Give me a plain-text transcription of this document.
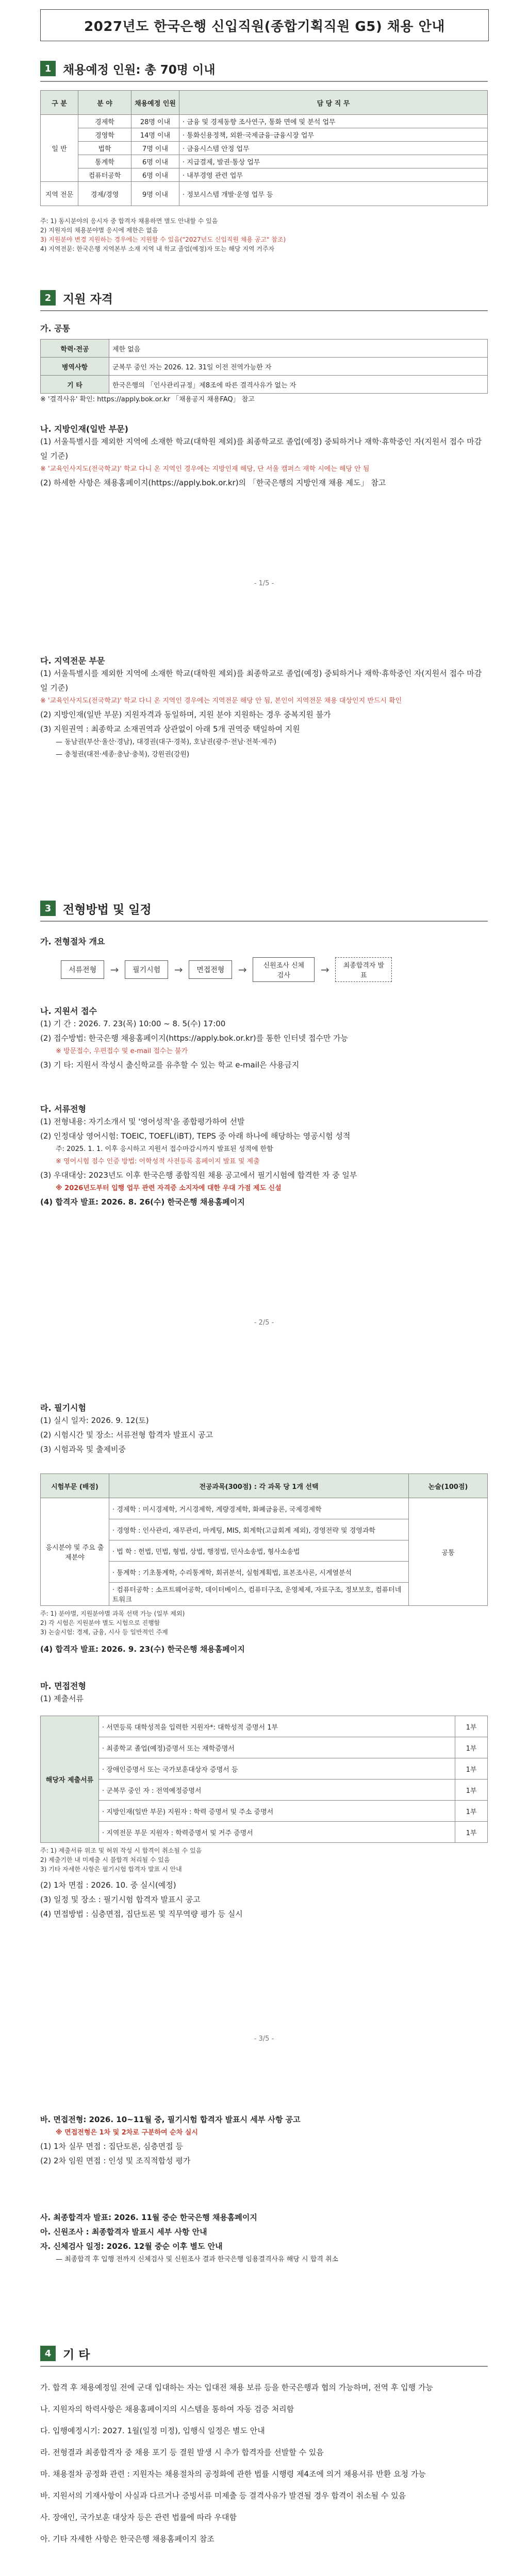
2027년도 한국은행 신입직원(종합기획직원 G5) 채용 안내
1 채용예정 인원: 총 70명 이내
구 분	분 야	채용예정 인원	담 당 직 무
일 반	경제학	28명 이내	· 금융 및 경제동향 조사연구, 통화 면에 및 분석 업무
	경영학	14명 이내	· 통화신용정책, 외환·국제금융·금융시장 업무
	법학	7명 이내	· 금융시스템 안정 업무
	통계학	6명 이내	· 지급결제, 발권·통상 업무
	컴퓨터공학	6명 이내	· 내부경영 관련 업무
지역 전문	경제/경영	9명 이내	· 정보시스템 개발·운영 업무 등
주: 1) 동시분야의 응시자 중 합격자 채용하면 별도 안내할 수 있음
2) 지원자의 채용분야별 응시에 제한은 없음
3) 지원분야 변경 지원하는 경우에는 지원할 수 있음("2027년도 신입직원 채용 공고" 참조)
4) 지역전문: 한국은행 지역본부 소재 지역 내 학교 졸업(예정)자 또는 해당 지역 거주자
2 지원 자격

가. 공통

학력·전공	제한 없음
병역사항	군복무 중인 자는 2026. 12. 31일 이전 전역가능한 자
기 타	한국은행의 「인사관리규정」제8조에 따른 결격사유가 없는 자

※ '결격사유' 확인: https://apply.bok.or.kr 「채용공지 채용FAQ」 참고

나. 지방인재(일반 부문)

(1) 서울특별시를 제외한 지역에 소재한 학교(대학원 제외)를 최종학교로 졸업(예정) 중퇴하거나 재학·휴학중인 자(지원서 접수 마감일 기준)

※ '교육인사지도(전국학교)' 학교 다니 온 지역인 경우에는 지방인재 해당, 단 서울 캠퍼스 재학 시에는 해당 안 됨

(2) 하세한 사항은 채용홈페이지(https://apply.bok.or.kr)의 「한국은행의 지방인재 채용 제도」 참고

- 1/5 -

다. 지역전문 부문

(1) 서울특별시를 제외한 지역에 소재한 학교(대학원 제외)를 최종학교로 졸업(예정) 중퇴하거나 재학·휴학중인 자(지원서 접수 마감일 기준)

※ '교육인사지도(전국학교)' 학교 다니 온 지역인 경우에는 지역전문 해당 안 됨, 본인이 지역전문 채용 대상인지 반드시 확인

(2) 지방인재(일반 부문) 지원자격과 동일하며, 지원 분야 지원하는 경우 중복지원 불가

(3) 지원권역 : 최종학교 소재권역과 상관없이 아래 5개 권역중 택일하여 지원

— 동남권(부산·울산·경남), 대경권(대구·경북), 호남권(광주·전남·전북·제주)

— 충청권(대전·세종·충남·충북), 강원권(강원)

3 전형방법 및 일정

가. 전형절차 개요

서류전형	→	필기시험	→	면접전형	→	신원조사 신체검사	→	최종합격자 발표

나. 지원서 접수

(1) 기 간 : 2026. 7. 23(목) 10:00 ~ 8. 5(수) 17:00

(2) 접수방법: 한국은행 채용홈페이지(https://apply.bok.or.kr)를 통한 인터넷 접수만 가능

※ 방문접수, 우편접수 및 e-mail 접수는 불가

(3) 기 타: 지원서 작성시 출신학교를 유추할 수 있는 학교 e-mail은 사용금지

다. 서류전형

(1) 전형내용: 자기소개서 및 '영어성적'을 종합평가하여 선발

(2) 인정대상 영어시험: TOEIC, TOEFL(iBT), TEPS 중 아래 하나에 해당하는 영공시험 성적

주: 2025. 1. 1. 이후 응시하고 지원서 접수마감시까지 발표된 성적에 한함

※ 영어시험 점수 인증 방법: 어학성적 사전등록 홈페이지 발표 및 제출

(3) 우대대상: 2023년도 이후 한국은행 종합직원 채용 공고에서 필기시험에 합격한 자 중 일부

※ 2026년도부터 입행 업무 관련 자격증 소지자에 대한 우대 가점 제도 신설

(4) 합격자 발표: 2026. 8. 26(수) 한국은행 채용홈페이지

- 2/5 -

라. 필기시험

(1) 실시 일자: 2026. 9. 12(토)

(2) 시험시간 및 장소: 서류전형 합격자 발표시 공고

(3) 시험과목 및 출제비중

시험부문 (배점)	전공과목(300점) : 각 과목 당 1개 선택	논술(100점)
응시분야 및 주요 출제분야	· 경제학 : 미시경제학, 거시경제학, 계량경제학, 화폐금융론, 국제경제학	공통
	· 경영학 : 인사관리, 재무관리, 마케팅, MIS, 회계학(고급회계 제외), 경영전략 및 경영과학	
	· 법 학 : 헌법, 민법, 형법, 상법, 행정법, 민사소송법, 형사소송법	
	· 통계학 : 기초통계학, 수리통계학, 회귀분석, 실험계획법, 표본조사론, 시계열분석	
	· 컴퓨터공학 : 소프트웨어공학, 데이터베이스, 컴퓨터구조, 운영체제, 자료구조, 정보보호, 컴퓨터네트워크	
주: 1) 분야별, 지원분야별 과목 선택 가능 (일부 제외)
2) 각 시험은 지원분야 별도 시험으로 진행함
3) 논술시험: 경제, 금융, 시사 등 일반적인 주제

(4) 합격자 발표: 2026. 9. 23(수) 한국은행 채용홈페이지

마. 면접전형

(1) 제출서류

해당자 제출서류	· 서면등록 대학성적을 입력한 지원자*: 대학성적 증명서 1부	1부
	· 최종학교 졸업(예정)증명서 또는 재학증명서	1부
	· 장애인증명서 또는 국가보훈대상자 증명서 등	1부
	· 군복무 중인 자 : 전역예정증명서	1부
	· 지방인재(일반 부문) 지원자 : 학력 증명서 및 주소 증명서	1부
	· 지역전문 부문 지원자 : 학력증명서 및 거주 증명서	1부
주: 1) 제출서류 위조 및 허위 작성 시 합격이 취소될 수 있음
2) 제출기한 내 미제출 시 불합격 처리될 수 있음
3) 기타 자세한 사항은 필기시험 합격자 발표 시 안내

(2) 1차 면접 : 2026. 10. 중 실시(예정)

(3) 일정 및 장소 : 필기시험 합격자 발표시 공고

(4) 면접방법 : 심층면접, 집단토론 및 직무역량 평가 등 실시

- 3/5 -

바. 면접전형: 2026. 10~11월 중, 필기시험 합격자 발표시 세부 사항 공고

※ 면접전형은 1차 및 2차로 구분하여 순차 실시

(1) 1차 실무 면접 : 집단토론, 심층면접 등

(2) 2차 임원 면접 : 인성 및 조직적합성 평가

사. 최종합격자 발표: 2026. 11월 중순 한국은행 채용홈페이지

아. 신원조사 : 최종합격자 발표시 세부 사항 안내

자. 신체검사 일정: 2026. 12월 중순 이후 별도 안내

— 최종합격 후 입행 전까지 신체검사 및 신원조사 결과 한국은행 임용결격사유 해당 시 합격 취소

4 기 타

가. 합격 후 채용예정일 전에 군대 입대하는 자는 입대전 채용 보류 등을 한국은행과 협의 가능하며, 전역 후 입행 가능

나. 지원자의 학력사항은 채용홈페이지의 시스템을 통하여 자동 검증 처리함

다. 입행예정시기: 2027. 1월(일정 미정), 입행식 일정은 별도 안내

라. 전형결과 최종합격자 중 채용 포기 등 결원 발생 시 추가 합격자를 선발할 수 있음

마. 채용절차 공정화 관련 : 지원자는 채용절차의 공정화에 관한 법률 시행령 제4조에 의거 채용서류 반환 요청 가능

바. 지원서의 기재사항이 사실과 다르거나 증빙서류 미제출 등 결격사유가 발견될 경우 합격이 취소될 수 있음

사. 장애인, 국가보훈 대상자 등은 관련 법률에 따라 우대함

아. 기타 자세한 사항은 한국은행 채용홈페이지 참조
